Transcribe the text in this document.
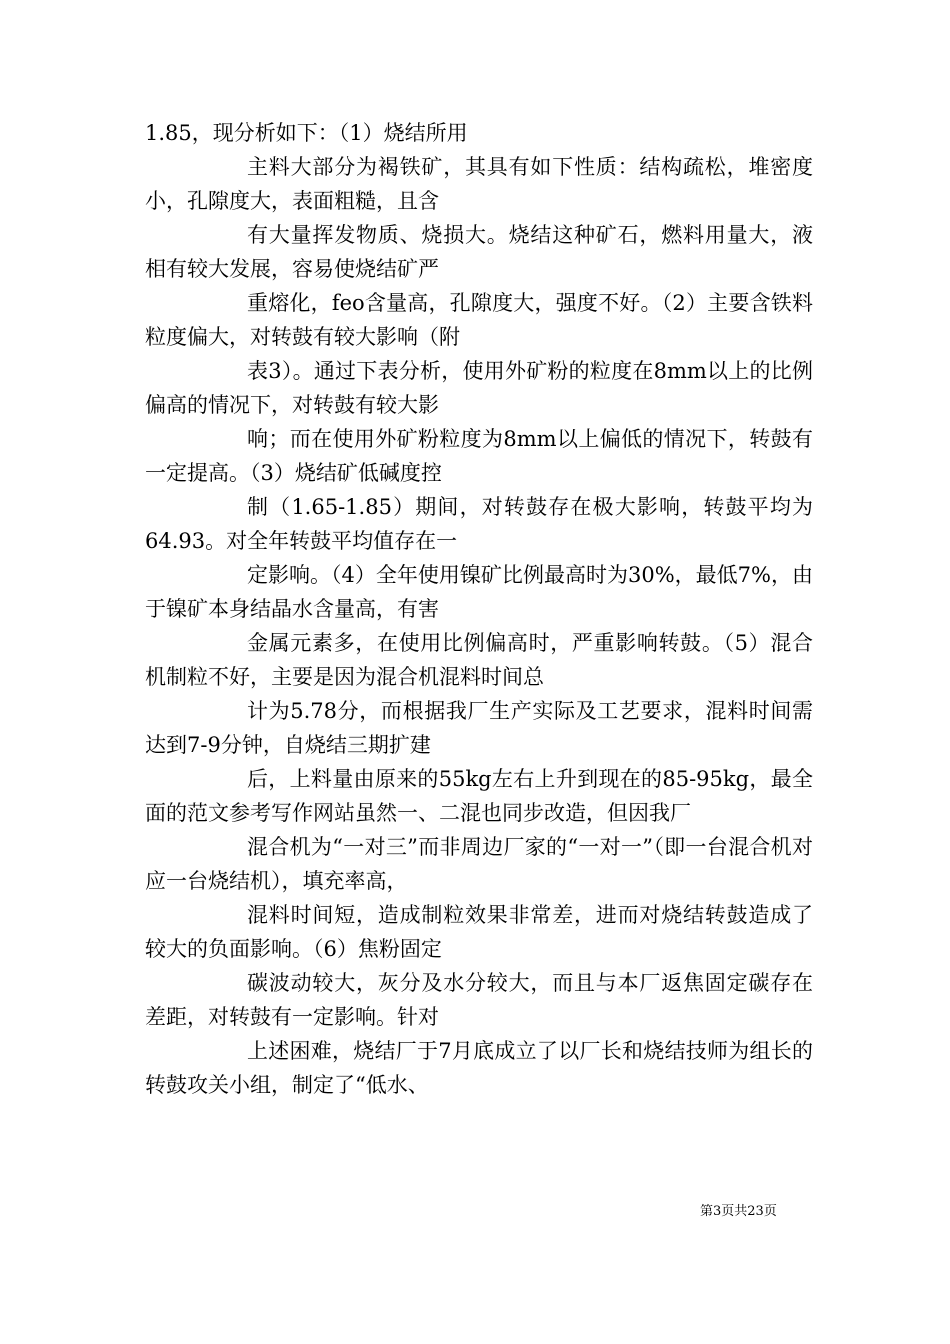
1.85，现分析如下：（1）烧结所用

主料大部分为褐铁矿，其具有如下性质：结构疏松，堆密度小，孔隙度大，表面粗糙，且含

有大量挥发物质、烧损大。烧结这种矿石，燃料用量大，液相有较大发展，容易使烧结矿严

重熔化，feo含量高，孔隙度大，强度不好。（2）主要含铁料粒度偏大，对转鼓有较大影响（附

表3）。通过下表分析，使用外矿粉的粒度在8mm以上的比例偏高的情况下，对转鼓有较大影

响；而在使用外矿粉粒度为8mm以上偏低的情况下，转鼓有一定提高。（3）烧结矿低碱度控

制（1.65-1.85）期间，对转鼓存在极大影响，转鼓平均为64.93。对全年转鼓平均值存在一

定影响。（4）全年使用镍矿比例最高时为30%，最低7%，由于镍矿本身结晶水含量高，有害

金属元素多，在使用比例偏高时，严重影响转鼓。（5）混合机制粒不好，主要是因为混合机混料时间总

计为5.78分，而根据我厂生产实际及工艺要求，混料时间需达到7-9分钟，自烧结三期扩建

后，上料量由原来的55kg左右上升到现在的85-95kg，最全面的范文参考写作网站虽然一、二混也同步改造，但因我厂

混合机为“一对三”而非周边厂家的“一对一”（即一台混合机对应一台烧结机），填充率高，

混料时间短，造成制粒效果非常差，进而对烧结转鼓造成了较大的负面影响。（6）焦粉固定

碳波动较大，灰分及水分较大，而且与本厂返焦固定碳存在差距，对转鼓有一定影响。针对

上述困难，烧结厂于7月底成立了以厂长和烧结技师为组长的转鼓攻关小组，制定了“低水、

第3页共23页
